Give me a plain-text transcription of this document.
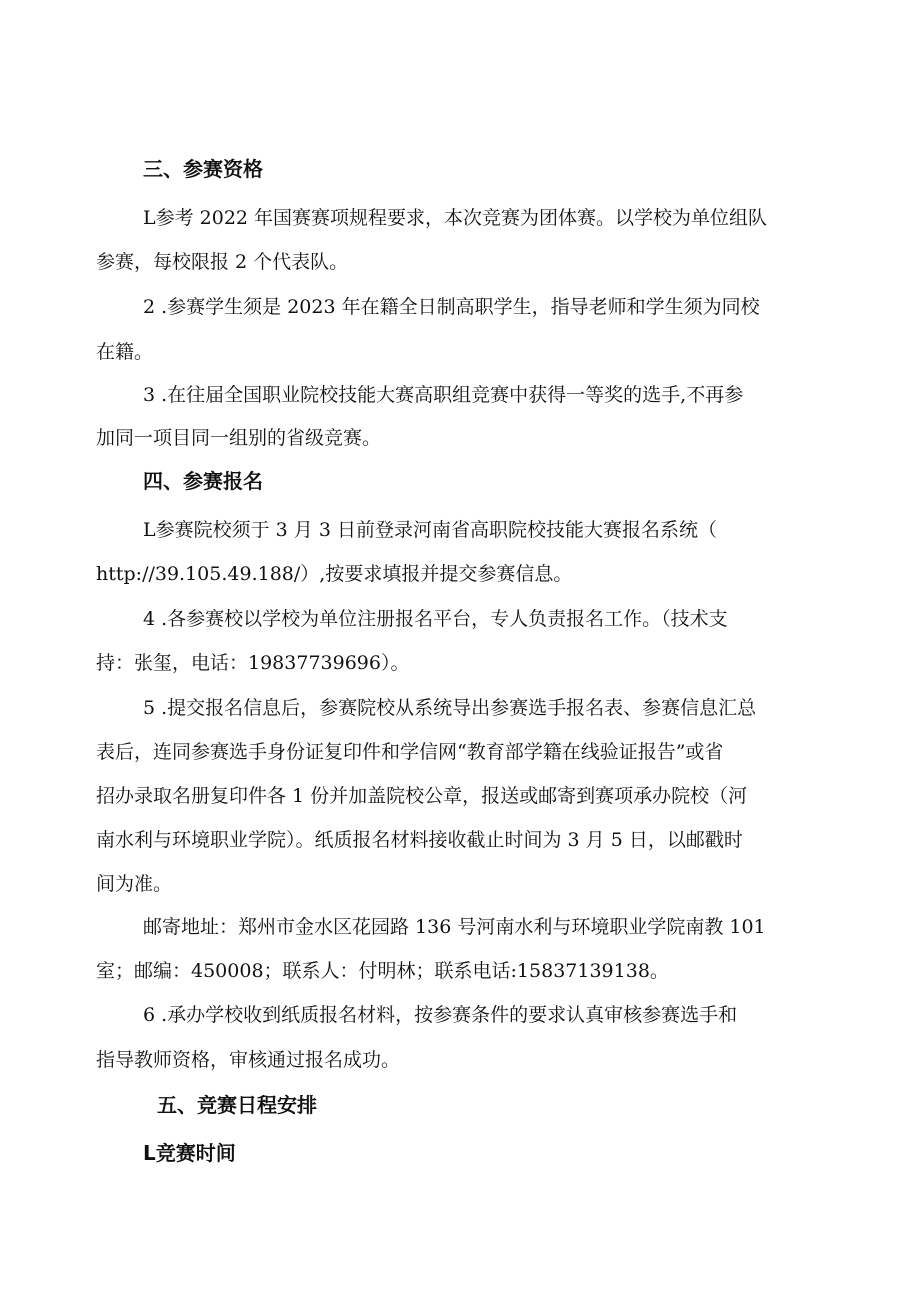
三、参赛资格
L参考 2022 年国赛赛项规程要求，本次竞赛为团体赛。以学校为单位组队
参赛，每校限报 2 个代表队。
2 .参赛学生须是 2023 年在籍全日制高职学生，指导老师和学生须为同校
在籍。
3 .在往届全国职业院校技能大赛高职组竞赛中获得一等奖的选手,不再参
加同一项目同一组别的省级竞赛。
四、参赛报名
L参赛院校须于 3 月 3 日前登录河南省高职院校技能大赛报名系统（
http://39.105.49.188/）,按要求填报并提交参赛信息。
4 .各参赛校以学校为单位注册报名平台，专人负责报名工作。（技术支
持：张玺，电话：19837739696）。
5 .提交报名信息后，参赛院校从系统导出参赛选手报名表、参赛信息汇总
表后，连同参赛选手身份证复印件和学信网“教育部学籍在线验证报告”或省
招办录取名册复印件各 1 份并加盖院校公章，报送或邮寄到赛项承办院校（河
南水利与环境职业学院）。纸质报名材料接收截止时间为 3 月 5 日，以邮戳时
间为准。
邮寄地址：郑州市金水区花园路 136 号河南水利与环境职业学院南教 101
室；邮编：450008；联系人：付明林；联系电话:15837139138。
6 .承办学校收到纸质报名材料，按参赛条件的要求认真审核参赛选手和
指导教师资格，审核通过报名成功。
五、竞赛日程安排
L竞赛时间
